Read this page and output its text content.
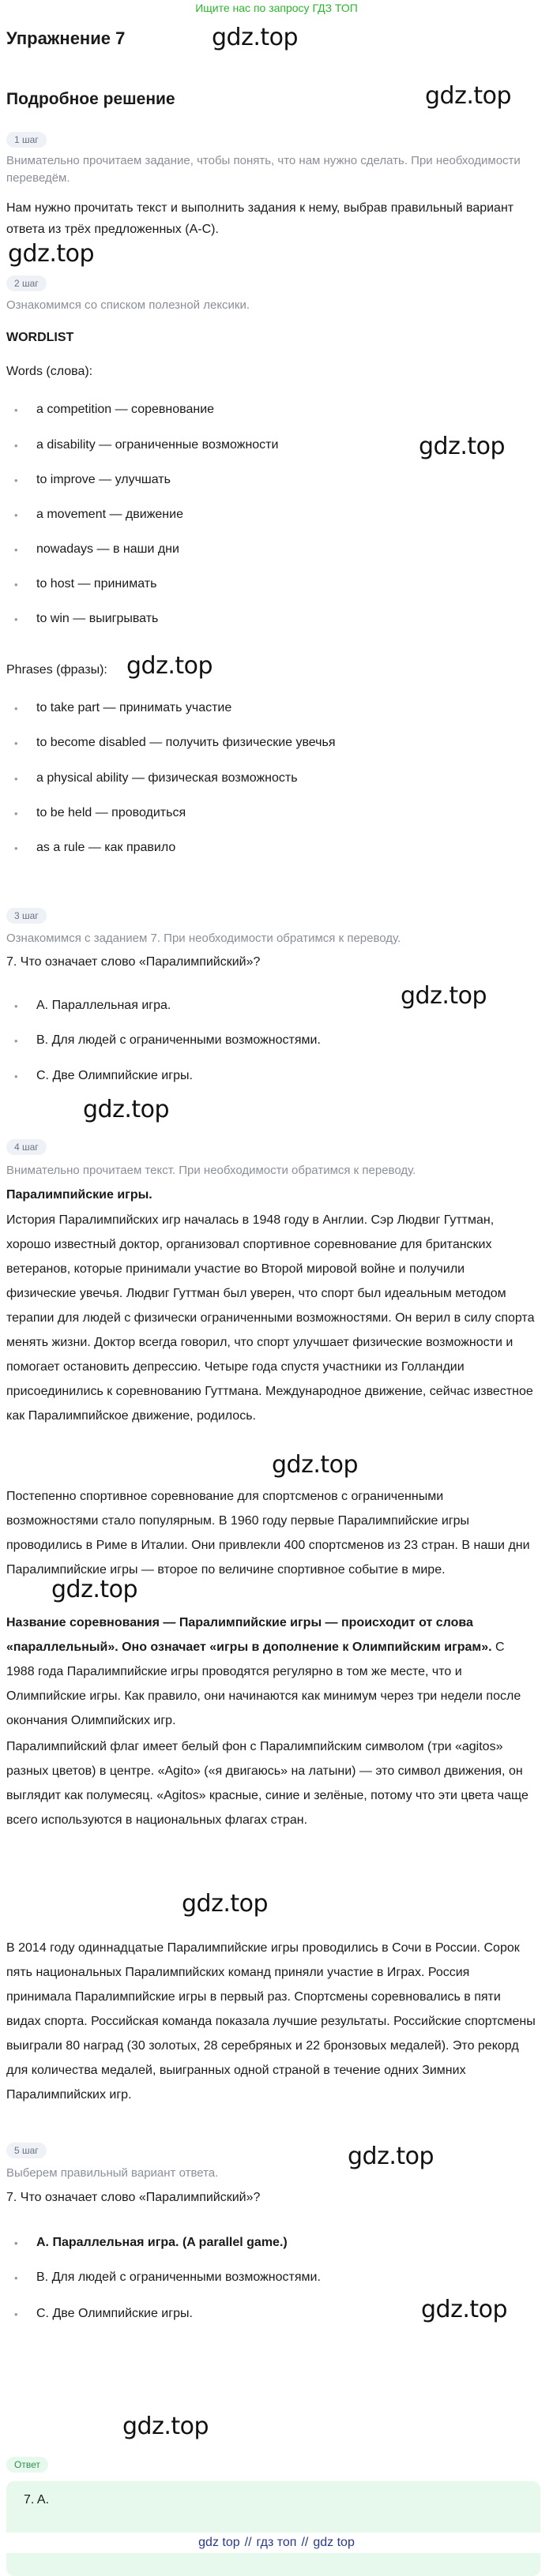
Ищите нас по запросу ГДЗ ТОП
Упражнение 7	gdz.top
Подробное решение	gdz.top
1 шаг
Внимательно прочитаем задание, чтобы понять, что нам нужно сделать. При необходимости переведём.
Нам нужно прочитать текст и выполнить задания к нему, выбрав правильный вариант ответа из трёх предложенных (A-C).
gdz.top
2 шаг
Ознакомимся со списком полезной лексики.
WORDLIST
Words (слова):
• a competition — соревнование
• a disability — ограниченные возможности	gdz.top
• to improve — улучшать
• a movement — движение
• nowadays — в наши дни
• to host — принимать
• to win — выигрывать
Phrases (фразы): gdz.top
• to take part — принимать участие
• to become disabled — получить физические увечья
• a physical ability — физическая возможность
• to be held — проводиться
• as a rule — как правило
3 шаг
Ознакомимся с заданием 7. При необходимости обратимся к переводу.
7. Что означает слово «Паралимпийский»?
gdz.top
• A. Параллельная игра.
• B. Для людей с ограниченными возможностями.
• C. Две Олимпийские игры.
gdz.top
4 шаг
Внимательно прочитаем текст. При необходимости обратимся к переводу.
Паралимпийские игры.
История Паралимпийских игр началась в 1948 году в Англии. Сэр Людвиг Гуттман, хорошо известный доктор, организовал спортивное соревнование для британских ветеранов, которые принимали участие во Второй мировой войне и получили физические увечья. Людвиг Гуттман был уверен, что спорт был идеальным методом терапии для людей с физически ограниченными возможностями. Он верил в силу спорта менять жизни. Доктор всегда говорил, что спорт улучшает физические возможности и помогает остановить депрессию. Четыре года спустя участники из Голландии присоединились к соревнованию Гуттмана. Международное движение, сейчас известное как Паралимпийское движение, родилось.
gdz.top
Постепенно спортивное соревнование для спортсменов с ограниченными возможностями стало популярным. В 1960 году первые Паралимпийские игры проводились в Риме в Италии. Они привлекли 400 спортсменов из 23 стран. В наши дни Паралимпийские игры — второе по величине спортивное событие в мире.
gdz.top
Название соревнования — Паралимпийские игры — происходит от слова «параллельный». Оно означает «игры в дополнение к Олимпийским играм». С 1988 года Паралимпийские игры проводятся регулярно в том же месте, что и Олимпийские игры. Как правило, они начинаются как минимум через три недели после окончания Олимпийских игр.
Паралимпийский флаг имеет белый фон с Паралимпийским символом (три «agitos» разных цветов) в центре. «Agito» («я двигаюсь» на латыни) — это символ движения, он выглядит как полумесяц. «Agitos» красные, синие и зелёные, потому что эти цвета чаще всего используются в национальных флагах стран.
gdz.top
В 2014 году одиннадцатые Паралимпийские игры проводились в Сочи в России. Сорок пять национальных Паралимпийских команд приняли участие в Играх. Россия принимала Паралимпийские игры в первый раз. Спортсмены соревновались в пяти видах спорта. Российская команда показала лучшие результаты. Российские спортсмены выиграли 80 наград (30 золотых, 28 серебряных и 22 бронзовых медалей). Это рекорд для количества медалей, выигранных одной страной в течение одних Зимних Паралимпийских игр.
5 шаг	gdz.top
Выберем правильный вариант ответа.
7. Что означает слово «Паралимпийский»?
• A. Параллельная игра. (A parallel game.)
• B. Для людей с ограниченными возможностями.
• C. Две Олимпийские игры.	gdz.top
gdz.top
Ответ
7. A.
gdz top // гдз топ // gdz top
